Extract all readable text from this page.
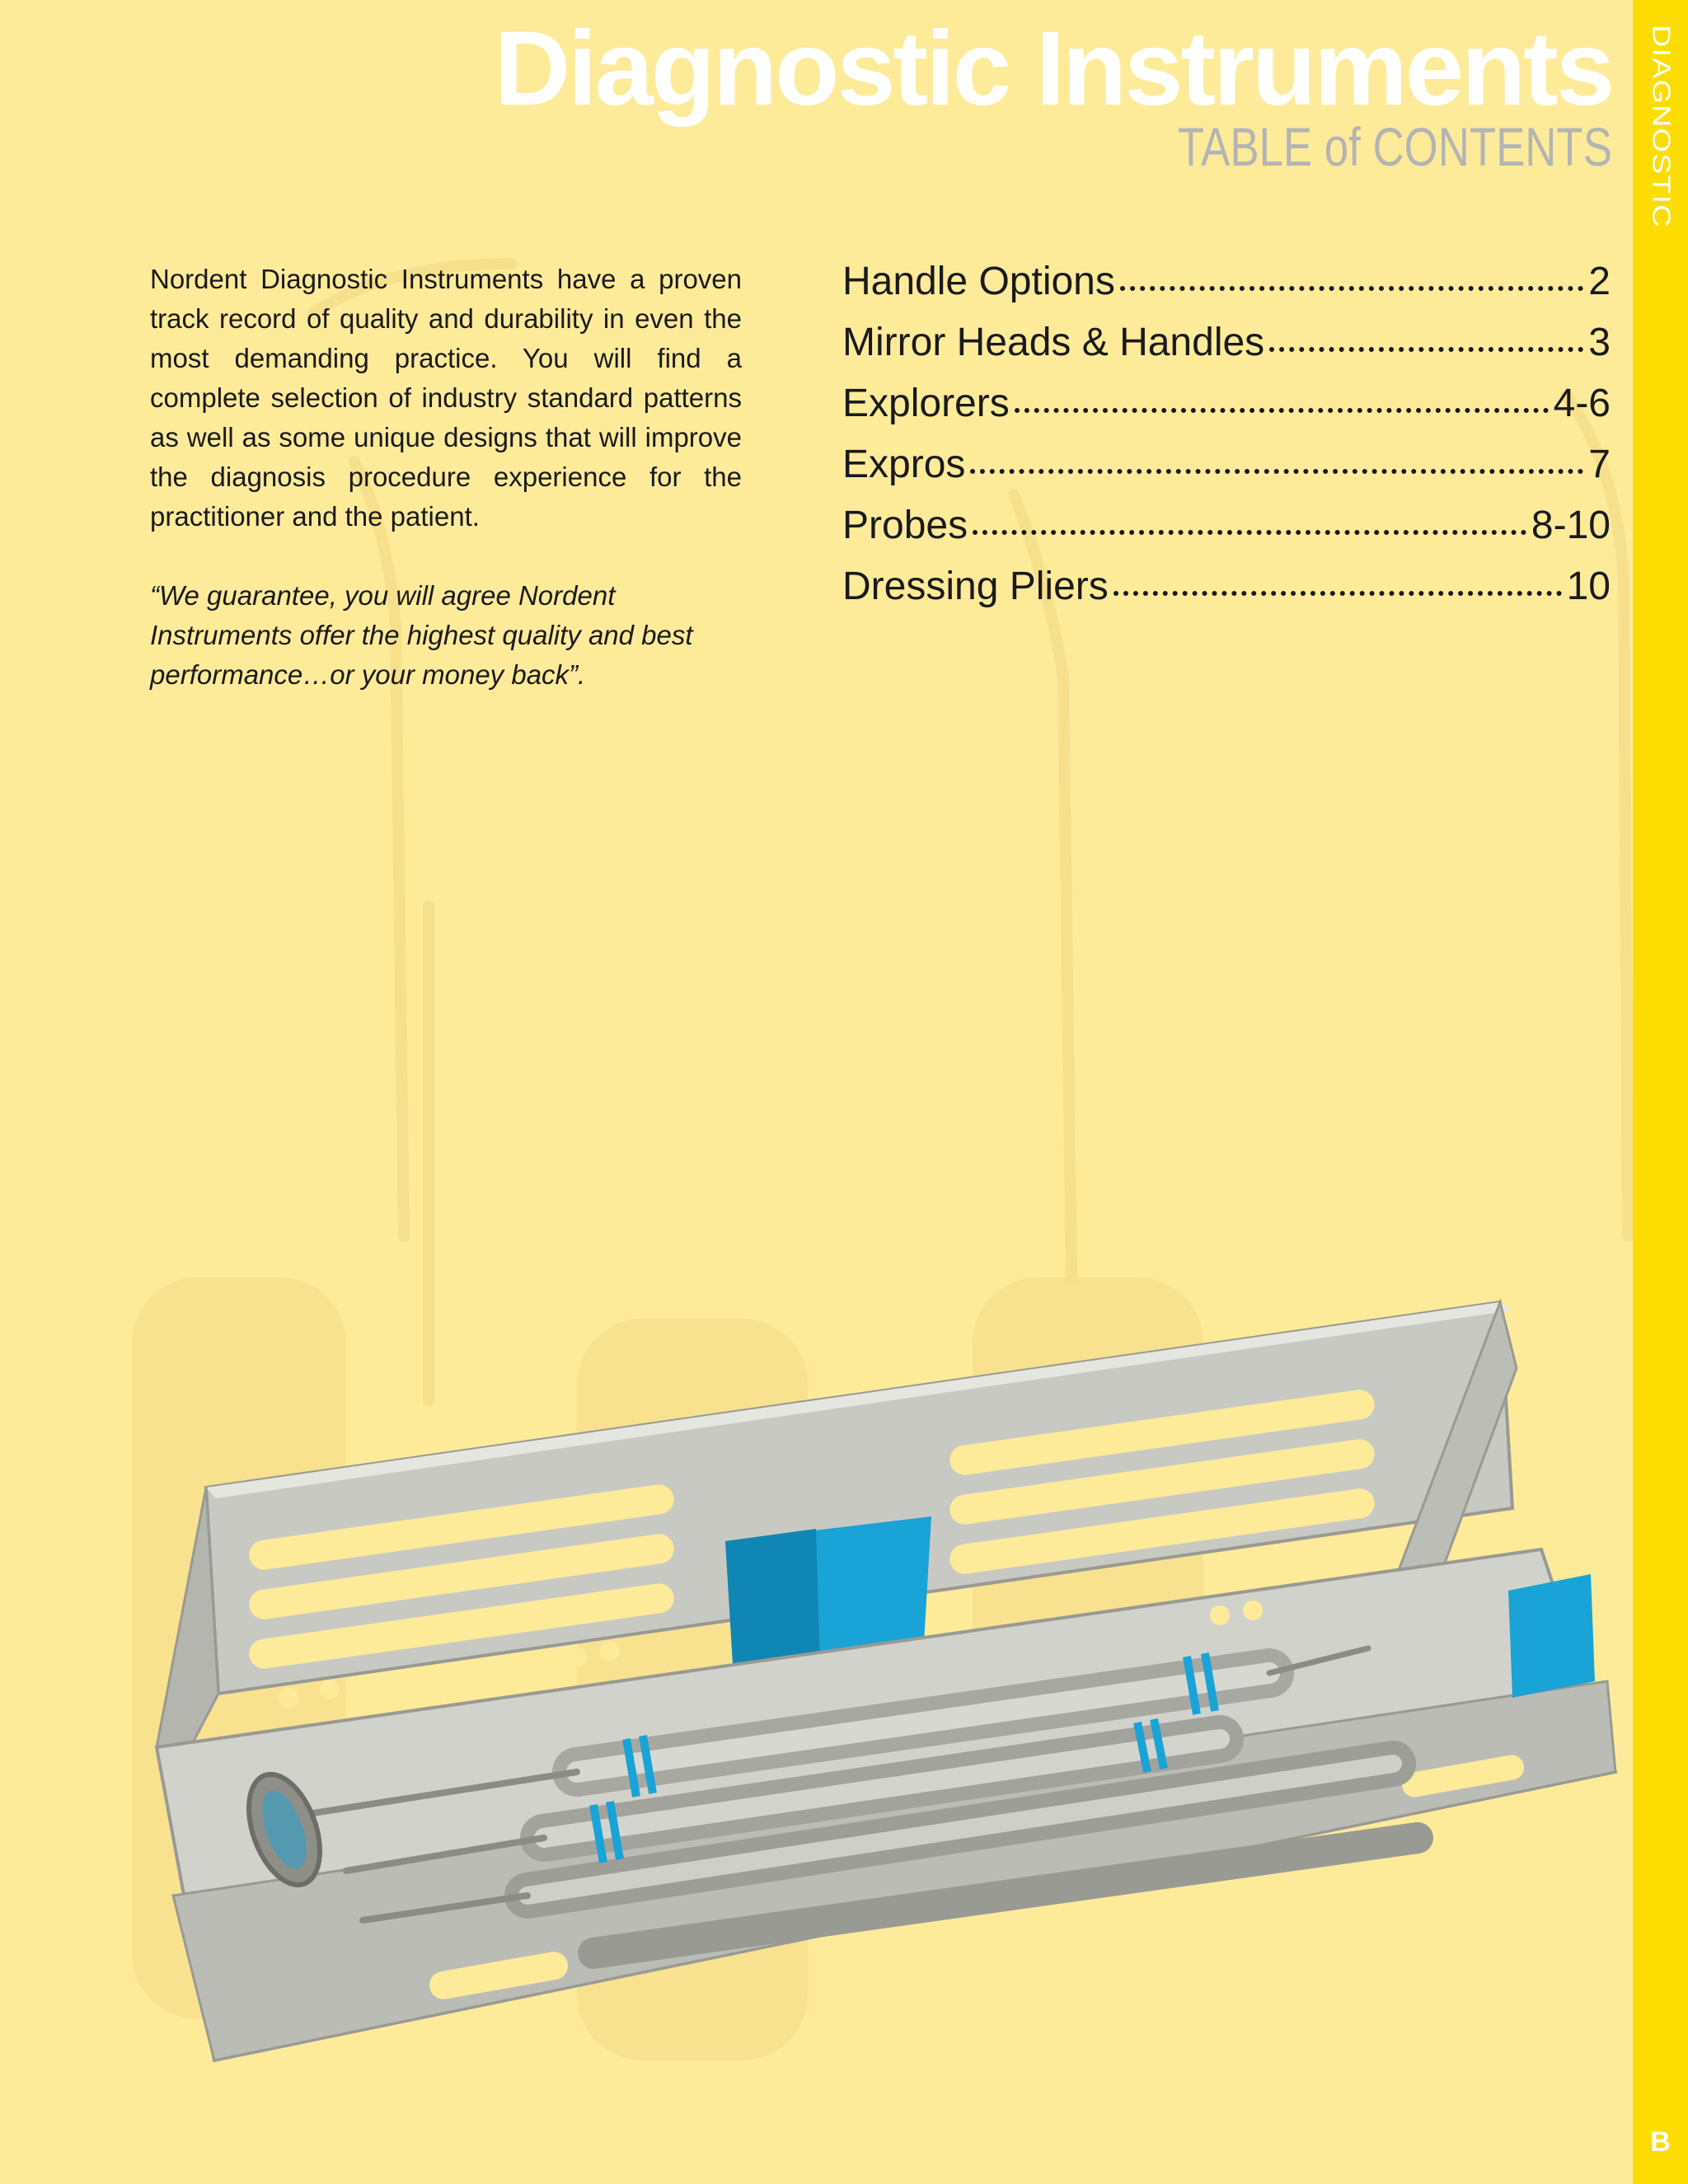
DIAGNOSTIC
B
Diagnostic Instruments
TABLE of CONTENTS

Nordent Diagnostic Instruments have a proven track record of quality and durability in even the most demanding practice. You will find a complete selection of industry standard patterns as well as some unique designs that will improve the diagnosis procedure experience for the practitioner and the patient.

“We guarantee, you will agree Nordent Instruments offer the highest quality and best performance…or your money back”.

Handle Options	2
Mirror Heads & Handles	3
Explorers	4-6
Expros	7
Probes	8-10
Dressing Pliers	10
